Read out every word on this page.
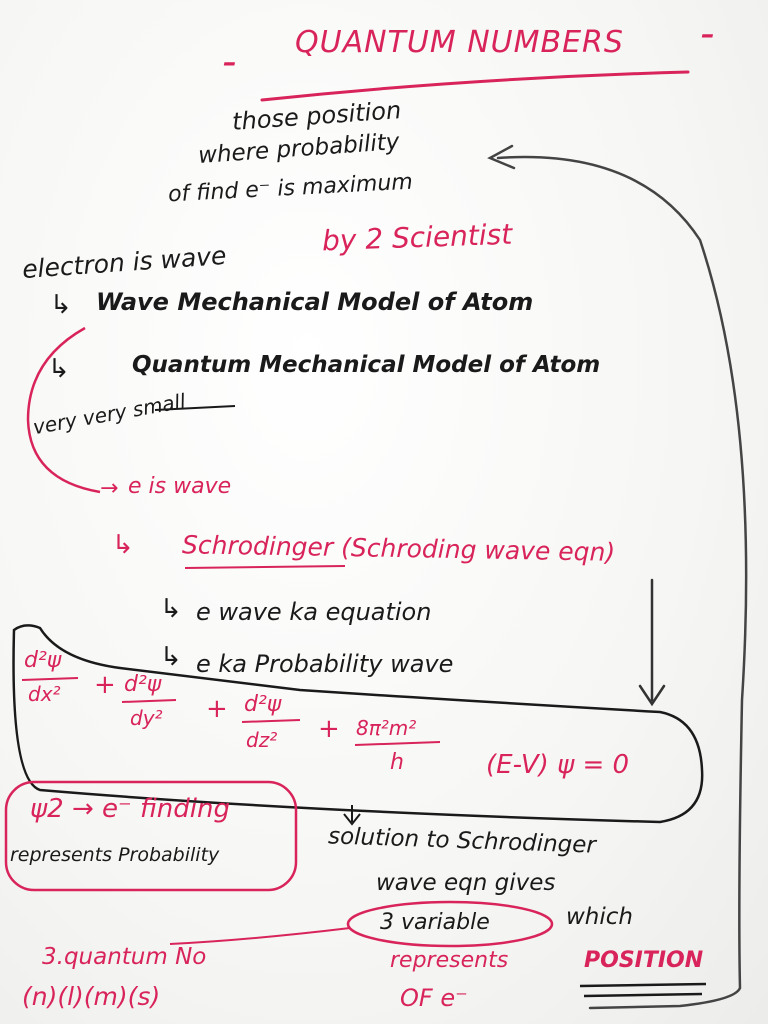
- QUANTUM NUMBERS -
those position
where probability
of find e⁻ is maximum
electron is wave
by 2 Scientist
↳ Wave Mechanical Model of Atom
↳	Quantum Mechanical Model of Atom
very very small
→ e is wave
↳ Schrodinger (Schroding wave eqn)
↳ e wave ka equation
↳ e ka Probability wave
d²ψ
dx² + d²ψ
dy² + d²ψ
dz² + 8π²m²
h	(E-V) ψ = 0
ψ2 → e⁻ finding
represents Probability	solution to Schrodinger
wave eqn gives
3 variable	which
represents	POSITION
OF e⁻
3.quantum No
(n)(l)(m)(s)
